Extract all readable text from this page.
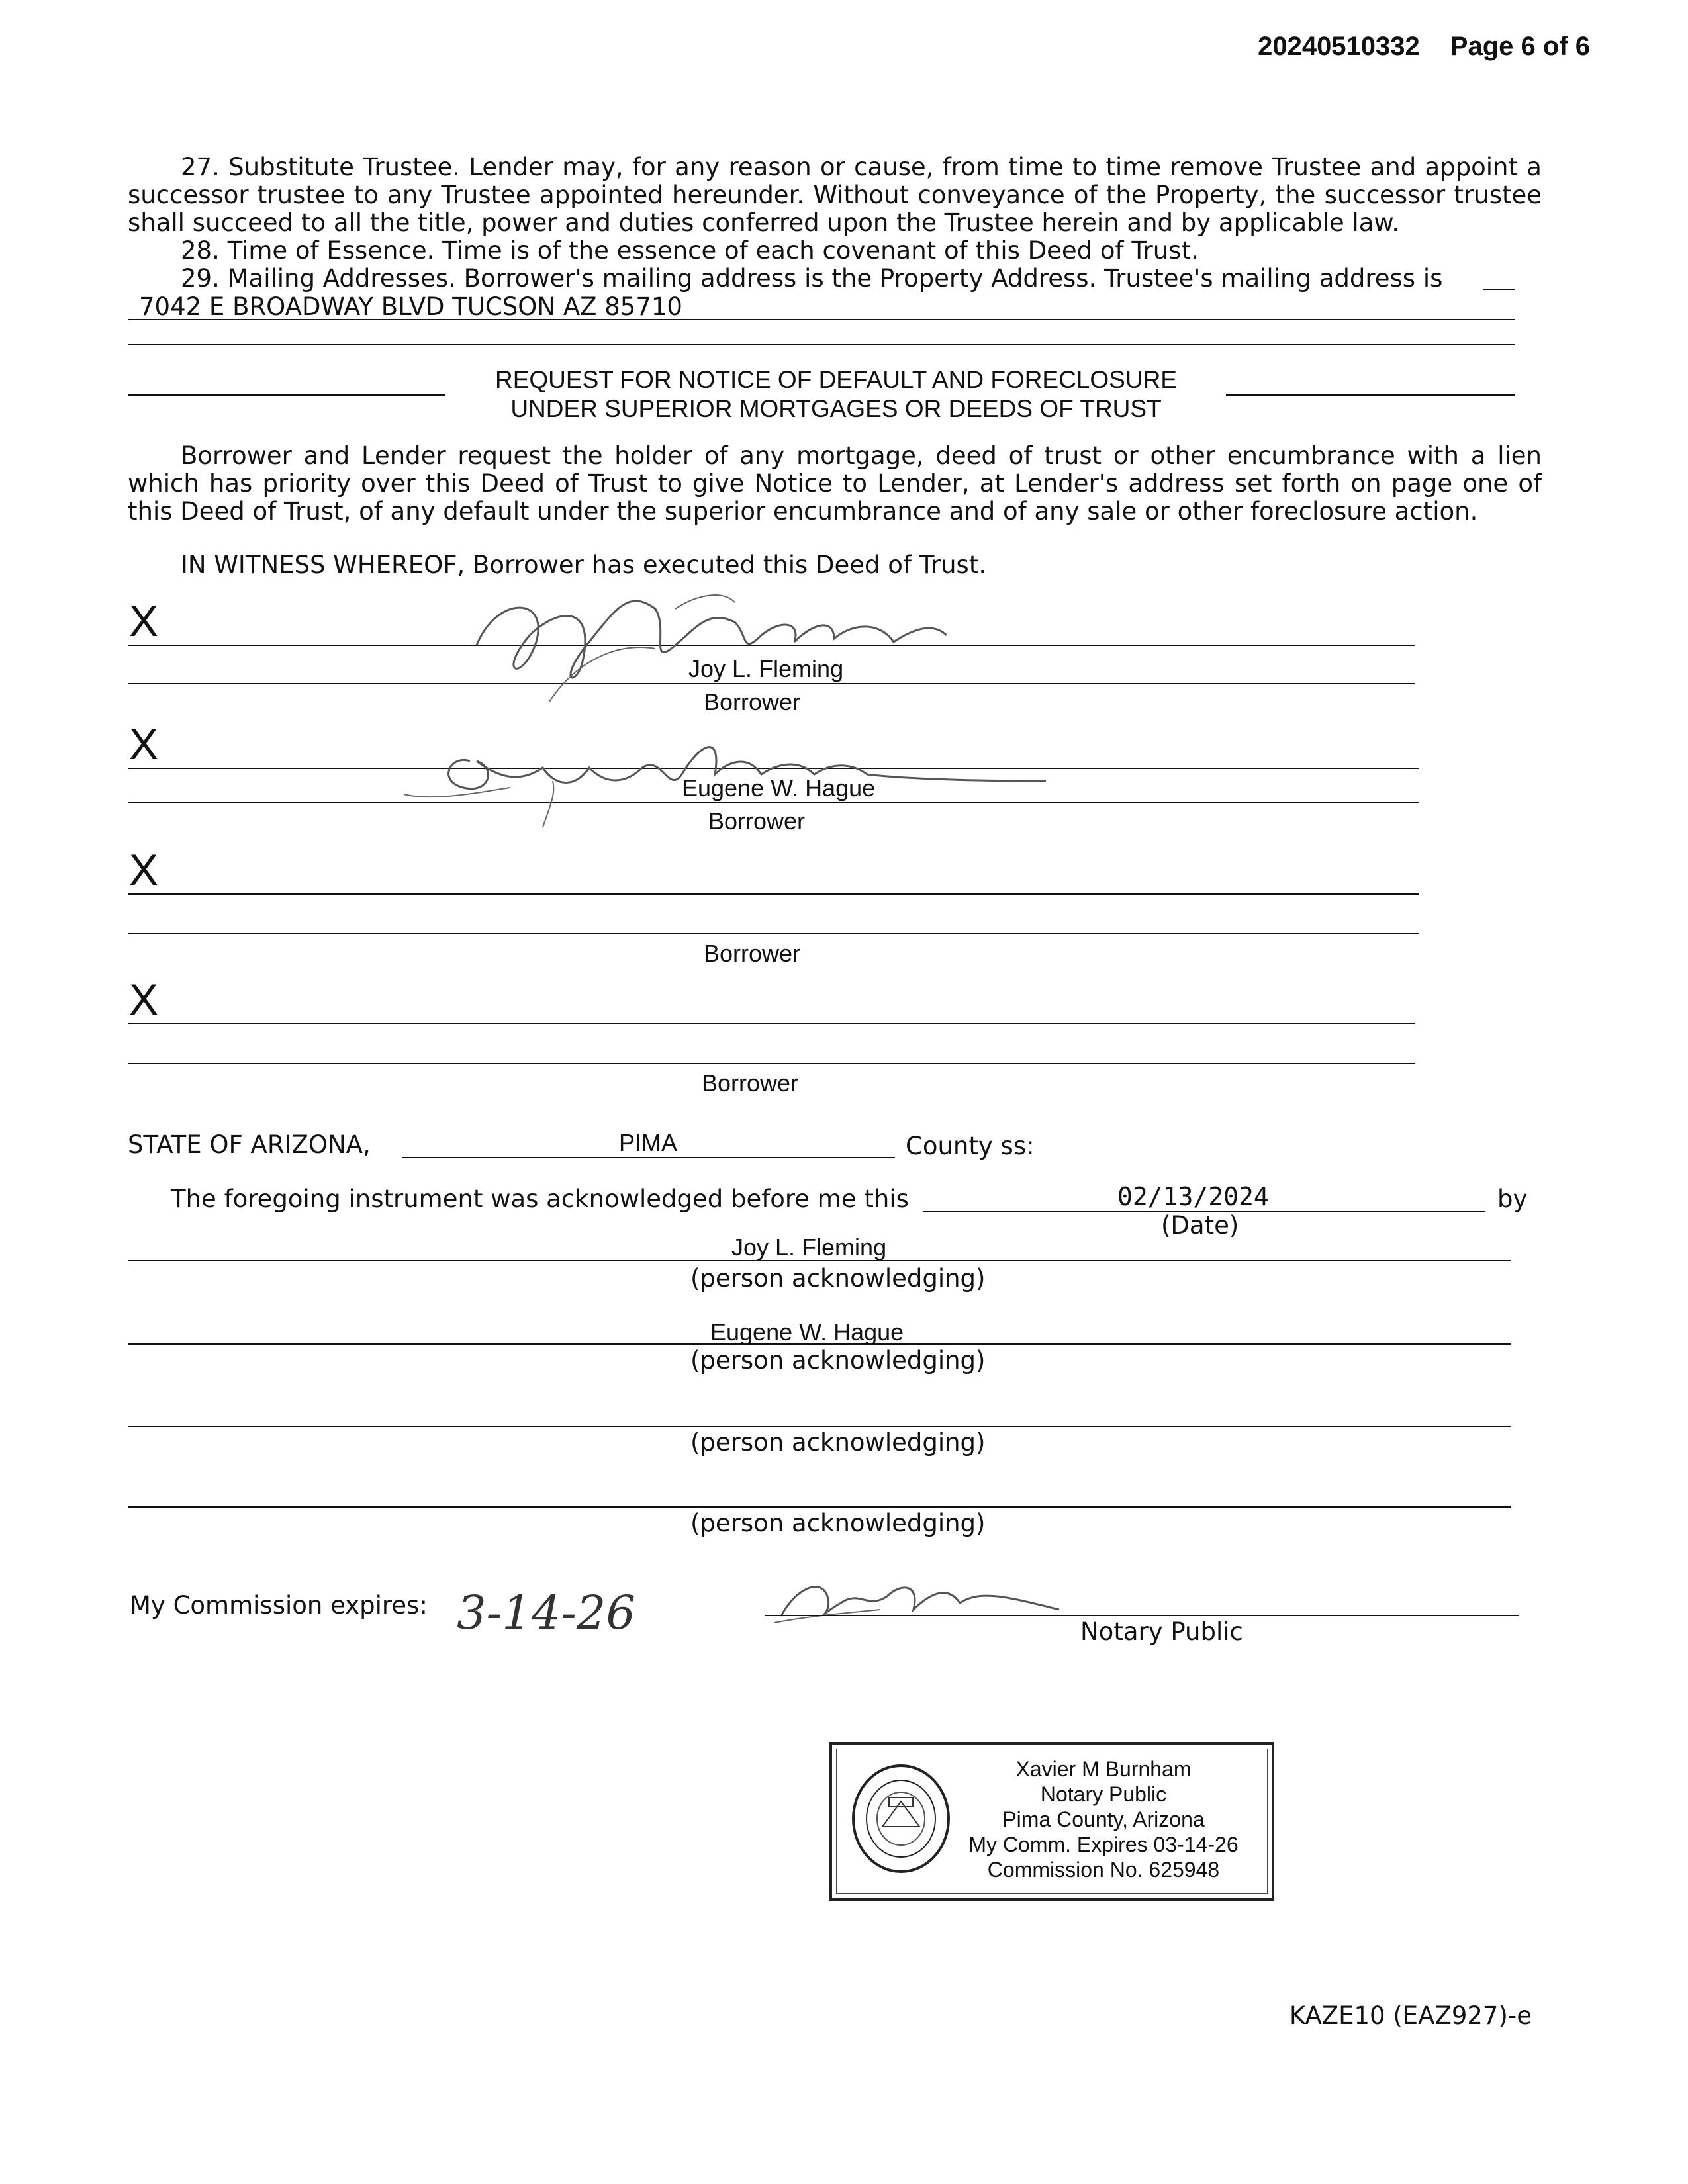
20240510332 Page 6 of 6
27. Substitute Trustee. Lender may, for any reason or cause, from time to time remove Trustee and appoint a successor trustee to any Trustee appointed hereunder. Without conveyance of the Property, the successor trustee shall succeed to all the title, power and duties conferred upon the Trustee herein and by applicable law.
28. Time of Essence. Time is of the essence of each covenant of this Deed of Trust.
29. Mailing Addresses. Borrower's mailing address is the Property Address. Trustee's mailing address is
7042 E BROADWAY BLVD TUCSON AZ 85710
REQUEST FOR NOTICE OF DEFAULT AND FORECLOSURE
UNDER SUPERIOR MORTGAGES OR DEEDS OF TRUST
Borrower and Lender request the holder of any mortgage, deed of trust or other encumbrance with a lien which has priority over this Deed of Trust to give Notice to Lender, at Lender's address set forth on page one of this Deed of Trust, of any default under the superior encumbrance and of any sale or other foreclosure action.
IN WITNESS WHEREOF, Borrower has executed this Deed of Trust.
X
Joy L. Fleming
Borrower
X
Eugene W. Hague
Borrower
X
Borrower
X
Borrower
STATE OF ARIZONA,	PIMA	County ss:
The foregoing instrument was acknowledged before me this	02/13/2024	by
(Date)
Joy L. Fleming
(person acknowledging)
Eugene W. Hague
(person acknowledging)
(person acknowledging)
(person acknowledging)
My Commission expires: 3-14-26	Notary Public
Xavier M Burnham
Notary Public
Pima County, Arizona
My Comm. Expires 03-14-26
Commission No. 625948
KAZE10 (EAZ927)-e
